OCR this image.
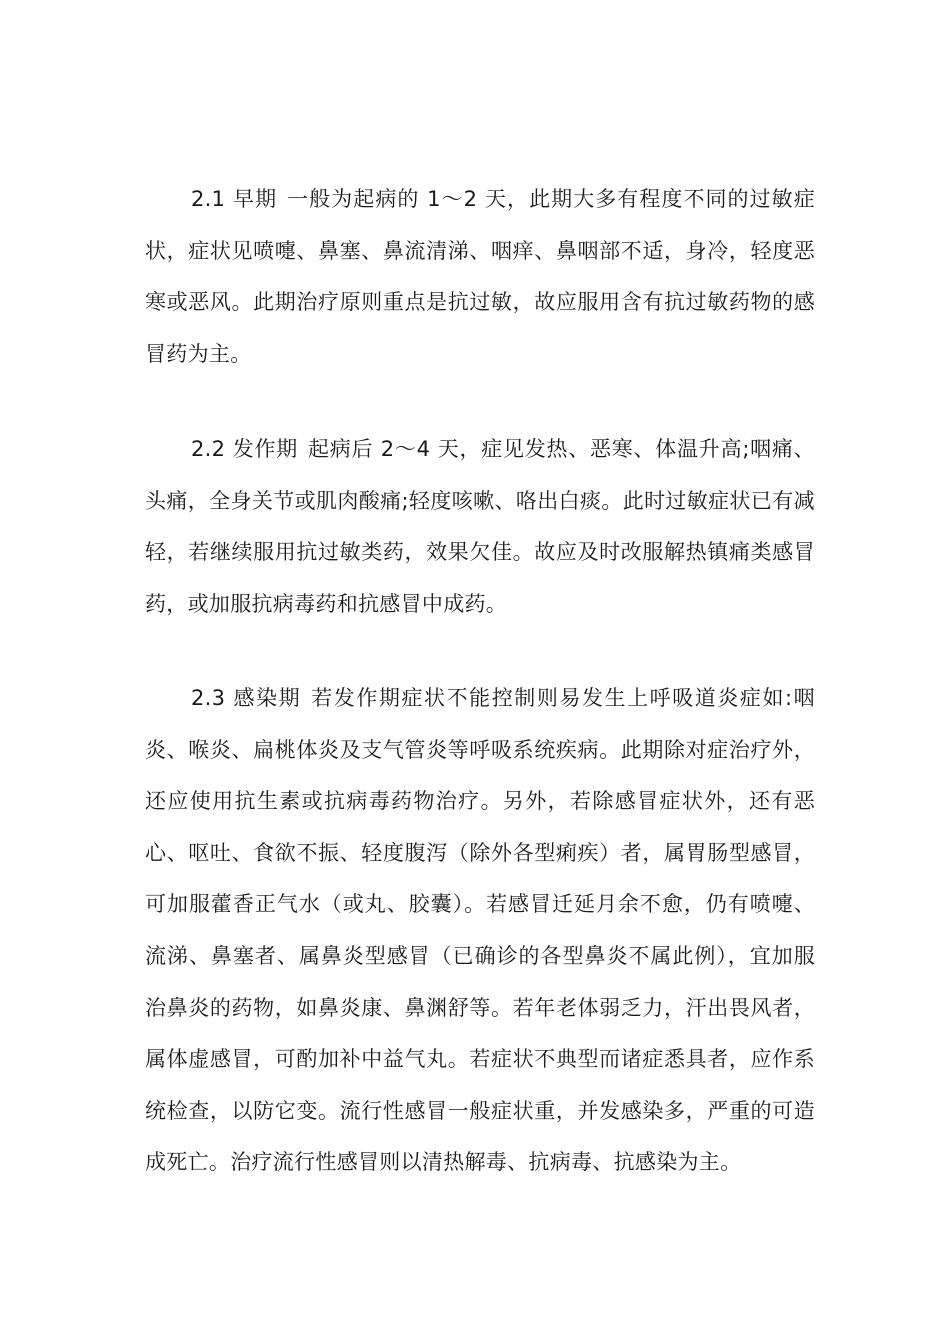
2.1 早期 一般为起病的 1～2 天，此期大多有程度不同的过敏症状，症状见喷嚏、鼻塞、鼻流清涕、咽痒、鼻咽部不适，身冷，轻度恶寒或恶风。此期治疗原则重点是抗过敏，故应服用含有抗过敏药物的感冒药为主。

2.2 发作期 起病后 2～4 天，症见发热、恶寒、体温升高;咽痛、头痛，全身关节或肌肉酸痛;轻度咳嗽、咯出白痰。此时过敏症状已有减轻，若继续服用抗过敏类药，效果欠佳。故应及时改服解热镇痛类感冒药，或加服抗病毒药和抗感冒中成药。

2.3 感染期 若发作期症状不能控制则易发生上呼吸道炎症如:咽炎、喉炎、扁桃体炎及支气管炎等呼吸系统疾病。此期除对症治疗外，还应使用抗生素或抗病毒药物治疗。另外，若除感冒症状外，还有恶心、呕吐、食欲不振、轻度腹泻（除外各型痢疾）者，属胃肠型感冒，可加服藿香正气水（或丸、胶囊）。若感冒迁延月余不愈，仍有喷嚏、流涕、鼻塞者、属鼻炎型感冒（已确诊的各型鼻炎不属此例），宜加服治鼻炎的药物，如鼻炎康、鼻渊舒等。若年老体弱乏力，汗出畏风者，属体虚感冒，可酌加补中益气丸。若症状不典型而诸症悉具者，应作系统检查，以防它变。流行性感冒一般症状重，并发感染多，严重的可造成死亡。治疗流行性感冒则以清热解毒、抗病毒、抗感染为主。
